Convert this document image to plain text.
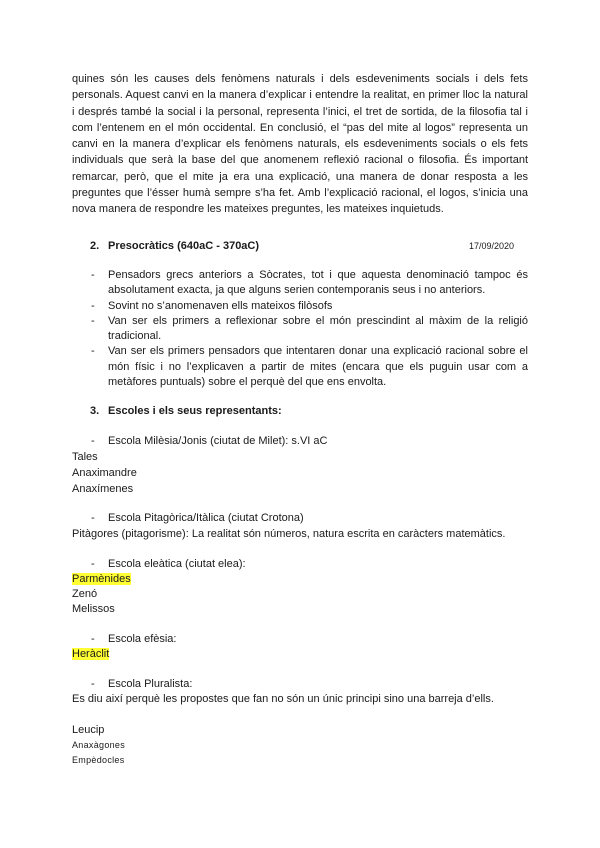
quines són les causes dels fenòmens naturals i dels esdeveniments socials i dels fets personals. Aquest canvi en la manera d’explicar i entendre la realitat, en primer lloc la natural i després també la social i la personal, representa l’inici, el tret de sortida, de la filosofia tal i com l’entenem en el món occidental. En conclusió, el “pas del mite al logos” representa un canvi en la manera d’explicar els fenòmens naturals, els esdeveniments socials o els fets individuals que serà la base del que anomenem reflexió racional o filosofia. És important remarcar, però, que el mite ja era una explicació, una manera de donar resposta a les preguntes que l’ésser humà sempre s’ha fet. Amb l’explicació racional, el logos, s’inicia una nova manera de respondre les mateixes preguntes, les mateixes inquietuds.

2. Presocràtics (640aC - 370aC)	17/09/2020
- Pensadors grecs anteriors a Sòcrates, tot i que aquesta denominació tampoc és absolutament exacta, ja que alguns serien contemporanis seus i no anteriors.
- Sovint no s’anomenaven ells mateixos filòsofs
- Van ser els primers a reflexionar sobre el món prescindint al màxim de la religió tradicional.
- Van ser els primers pensadors que intentaren donar una explicació racional sobre el món físic i no l’explicaven a partir de mites (encara que els puguin usar com a metàfores puntuals) sobre el perquè del que ens envolta.
3. Escoles i els seus representants:
- Escola Milèsia/Jonis (ciutat de Milet): s.VI aC
Tales
Anaximandre
Anaxímenes
- Escola Pitagòrica/Itàlica (ciutat Crotona)
Pitàgores (pitagorisme): La realitat són números, natura escrita en caràcters matemàtics.
- Escola eleàtica (ciutat elea):
Parmènides
Zenó
Melissos
- Escola efèsia:
Heràclit
- Escola Pluralista:
Es diu així perquè les propostes que fan no són un únic principi sino una barreja d’ells.
Leucip
Anaxàgones
Empèdocles
